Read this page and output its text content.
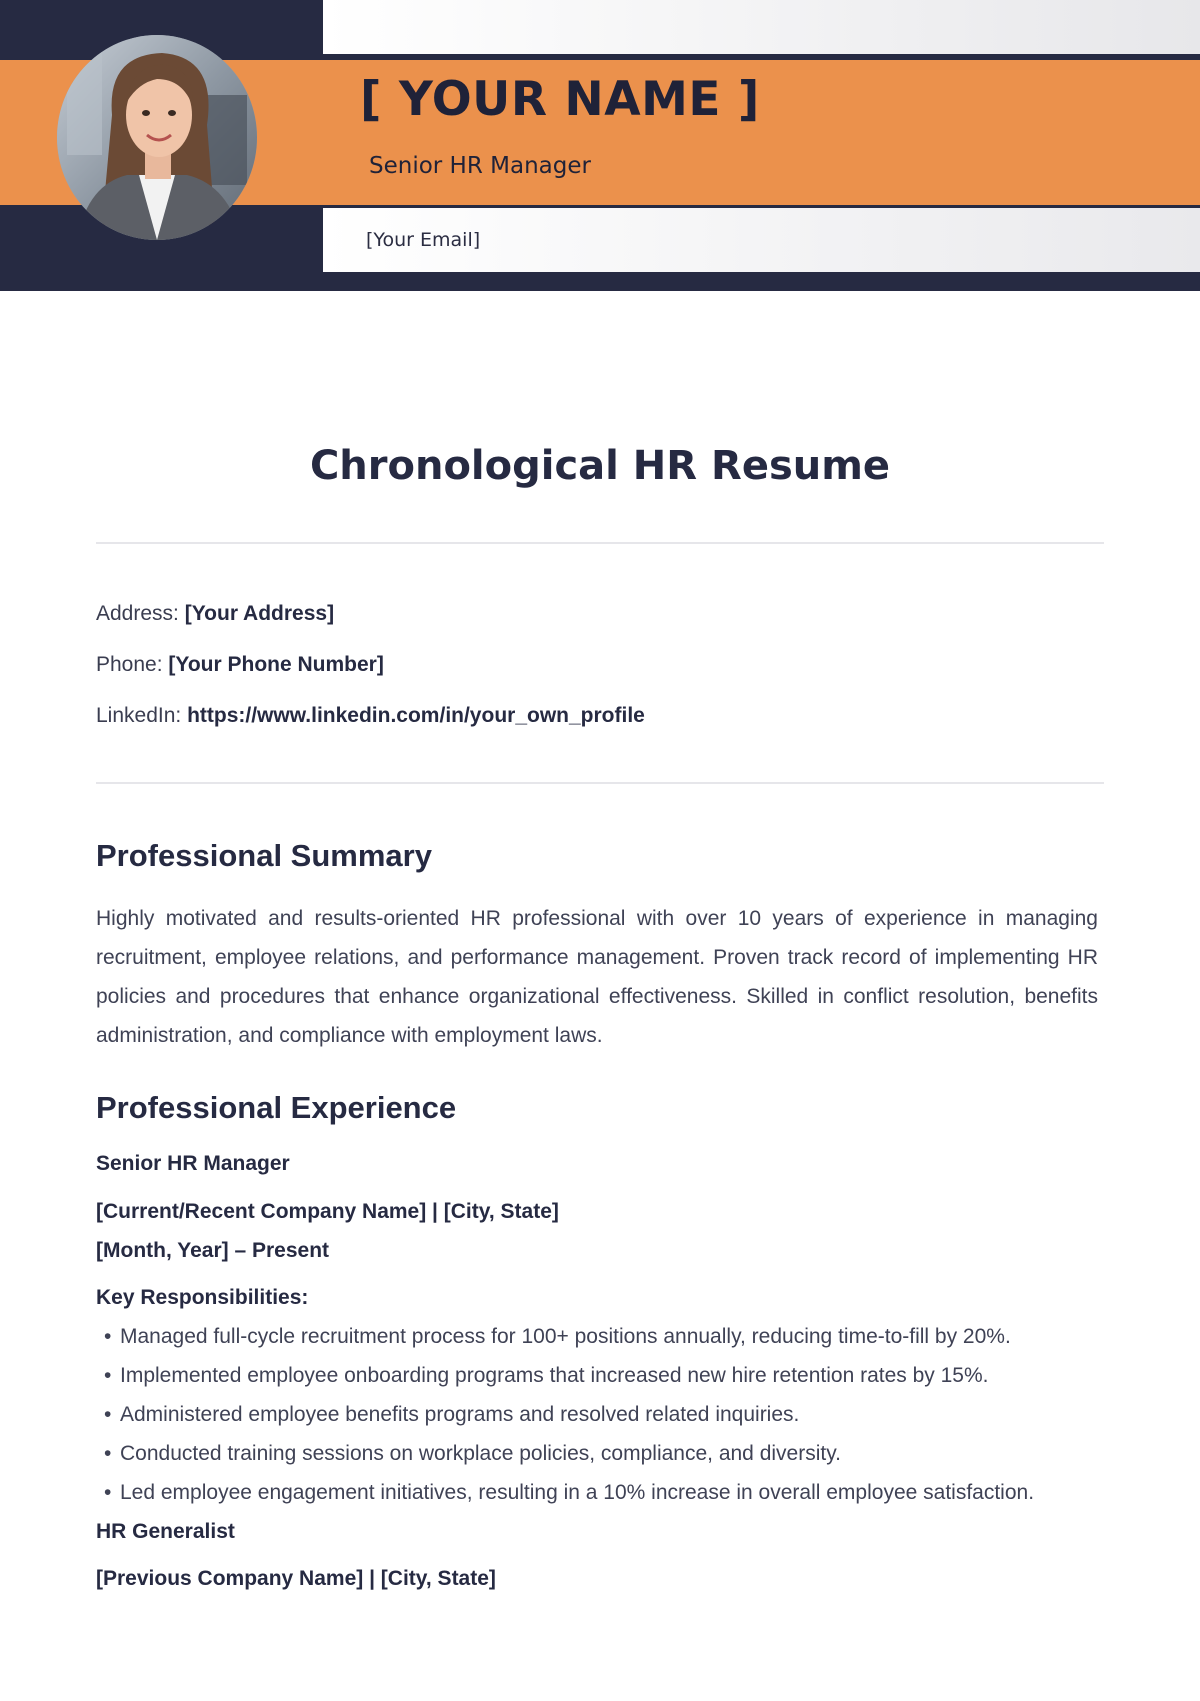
[ YOUR NAME ]
Senior HR Manager
[Your Email]
Chronological HR Resume
Address: [Your Address]
Phone: [Your Phone Number]
LinkedIn: https://www.linkedin.com/in/your_own_profile
Professional Summary

Highly motivated and results-oriented HR professional with over 10 years of experience in managing recruitment, employee relations, and performance management. Proven track record of implementing HR policies and procedures that enhance organizational effectiveness. Skilled in conflict resolution, benefits administration, and compliance with employment laws.

Professional Experience
Senior HR Manager
[Current/Recent Company Name] | [City, State]
[Month, Year] – Present
Key Responsibilities:
• Managed full-cycle recruitment process for 100+ positions annually, reducing time-to-fill by 20%.
• Implemented employee onboarding programs that increased new hire retention rates by 15%.
• Administered employee benefits programs and resolved related inquiries.
• Conducted training sessions on workplace policies, compliance, and diversity.
• Led employee engagement initiatives, resulting in a 10% increase in overall employee satisfaction.
HR Generalist
[Previous Company Name] | [City, State]
